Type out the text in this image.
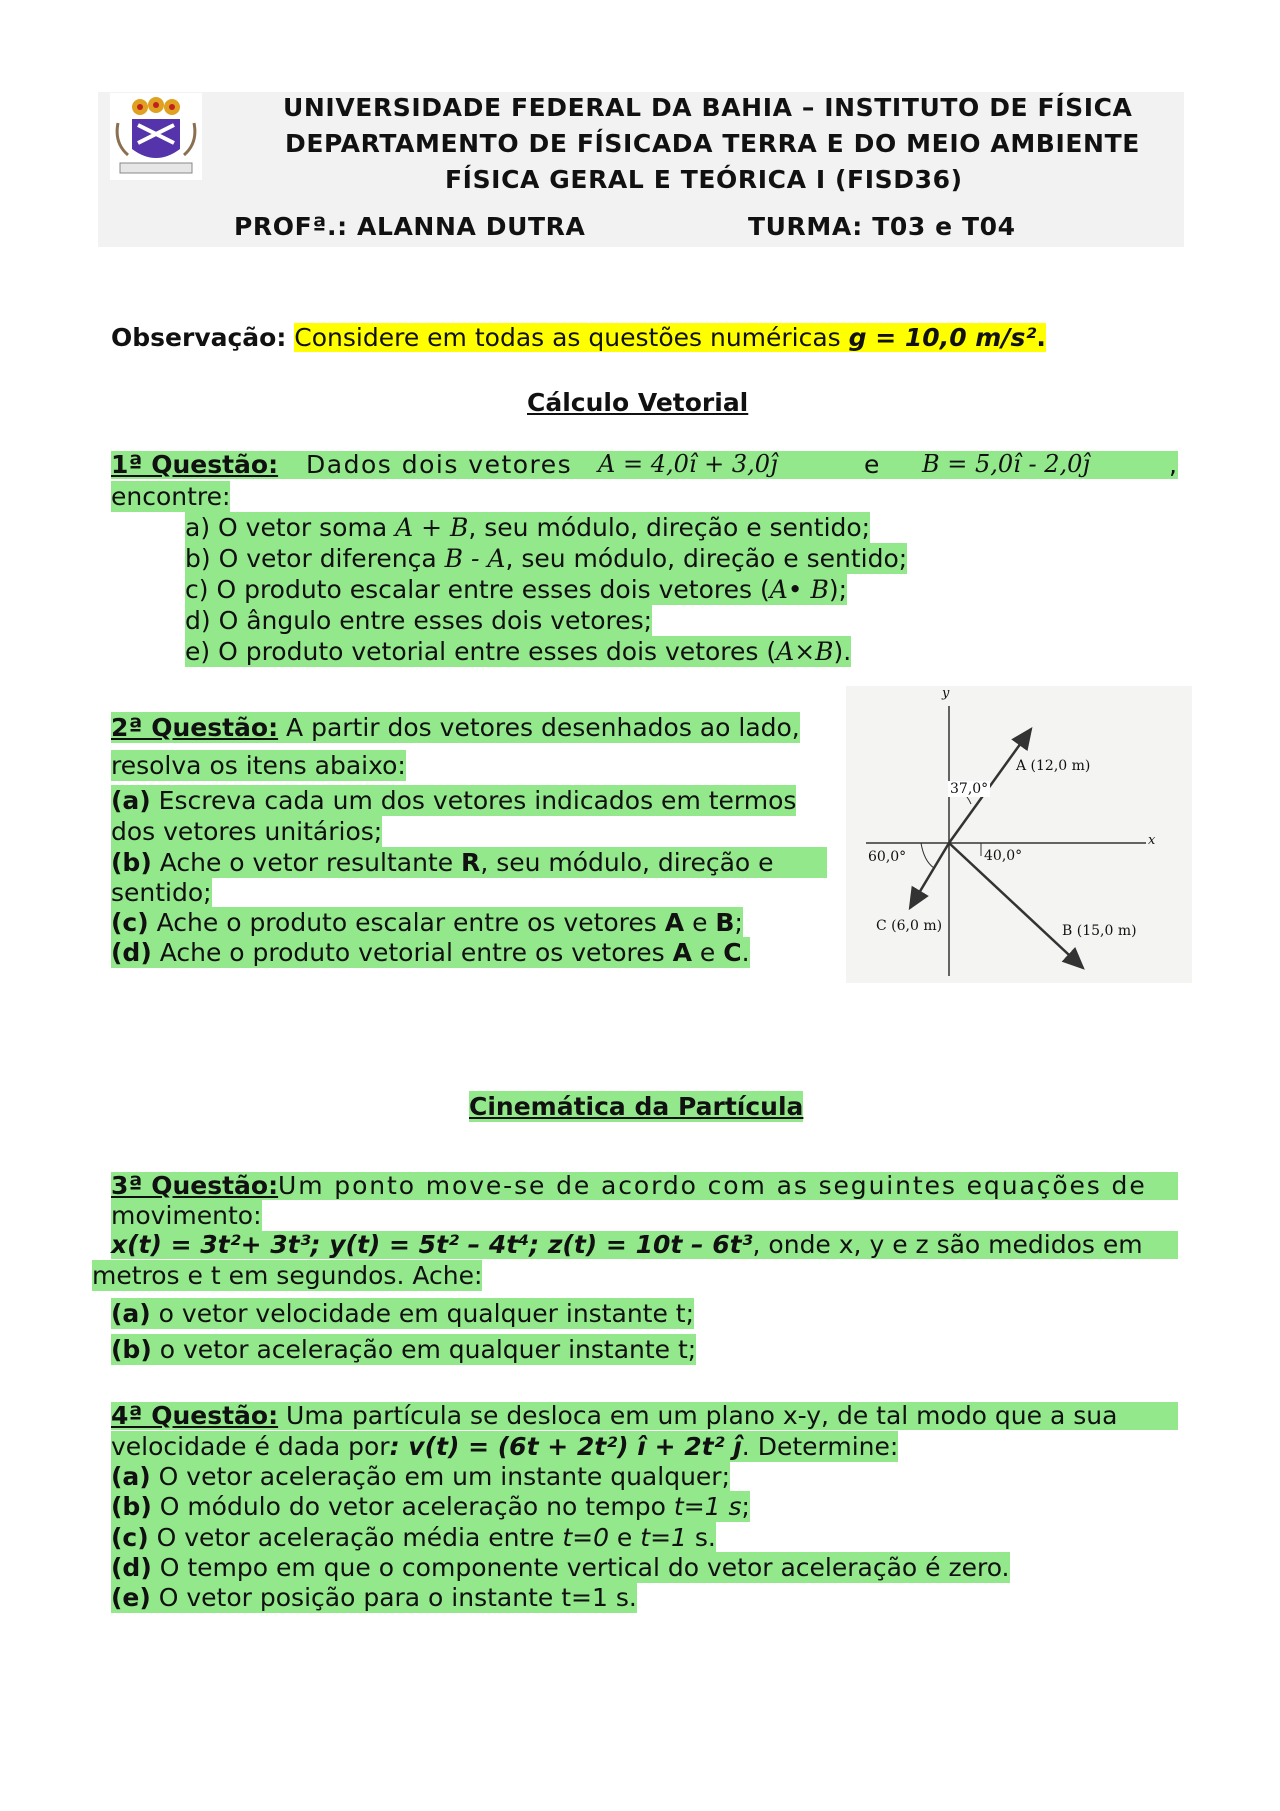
UNIVERSIDADE FEDERAL DA BAHIA – INSTITUTO DE FÍSICA
DEPARTAMENTO DE FÍSICADA TERRA E DO MEIO AMBIENTE
FÍSICA GERAL E TEÓRICA I (FISD36)
PROFª.: ALANNA DUTRA	TURMA: T03 e T04
Observação: Considere em todas as questões numéricas g = 10,0 m/s².
Cálculo Vetorial
1ª Questão: Dados dois vetores A = 4,0î + 3,0ĵ	e B = 5,0î - 2,0ĵ	,
encontre:
a) O vetor soma A + B, seu módulo, direção e sentido;
b) O vetor diferença B - A, seu módulo, direção e sentido;
c) O produto escalar entre esses dois vetores (A• B);
d) O ângulo entre esses dois vetores;
e) O produto vetorial entre esses dois vetores (A×B).
2ª Questão: A partir dos vetores desenhados ao lado,
resolva os itens abaixo:
(a) Escreva cada um dos vetores indicados em termos
dos vetores unitários;
(b) Ache o vetor resultante R, seu módulo, direção e
sentido;
(c) Ache o produto escalar entre os vetores A e B;
(d) Ache o produto vetorial entre os vetores A e C.
y
x
A (12,0 m)
37,0°
60,0°	40,0°
C (6,0 m)	B (15,0 m)
Cinemática da Partícula
3ª Questão: Um ponto move-se de acordo com as seguintes equações de
movimento:
x(t) = 3t²+ 3t³; y(t) = 5t² – 4t⁴; z(t) = 10t – 6t³, onde x, y e z são medidos em
metros e t em segundos. Ache:
(a) o vetor velocidade em qualquer instante t;
(b) o vetor aceleração em qualquer instante t;
4ª Questão: Uma partícula se desloca em um plano x-y, de tal modo que a sua
velocidade é dada por: v(t) = (6t + 2t²) î + 2t² ĵ. Determine:
(a) O vetor aceleração em um instante qualquer;
(b) O módulo do vetor aceleração no tempo t=1 s;
(c) O vetor aceleração média entre t=0 e t=1 s.
(d) O tempo em que o componente vertical do vetor aceleração é zero.
(e) O vetor posição para o instante t=1 s.
